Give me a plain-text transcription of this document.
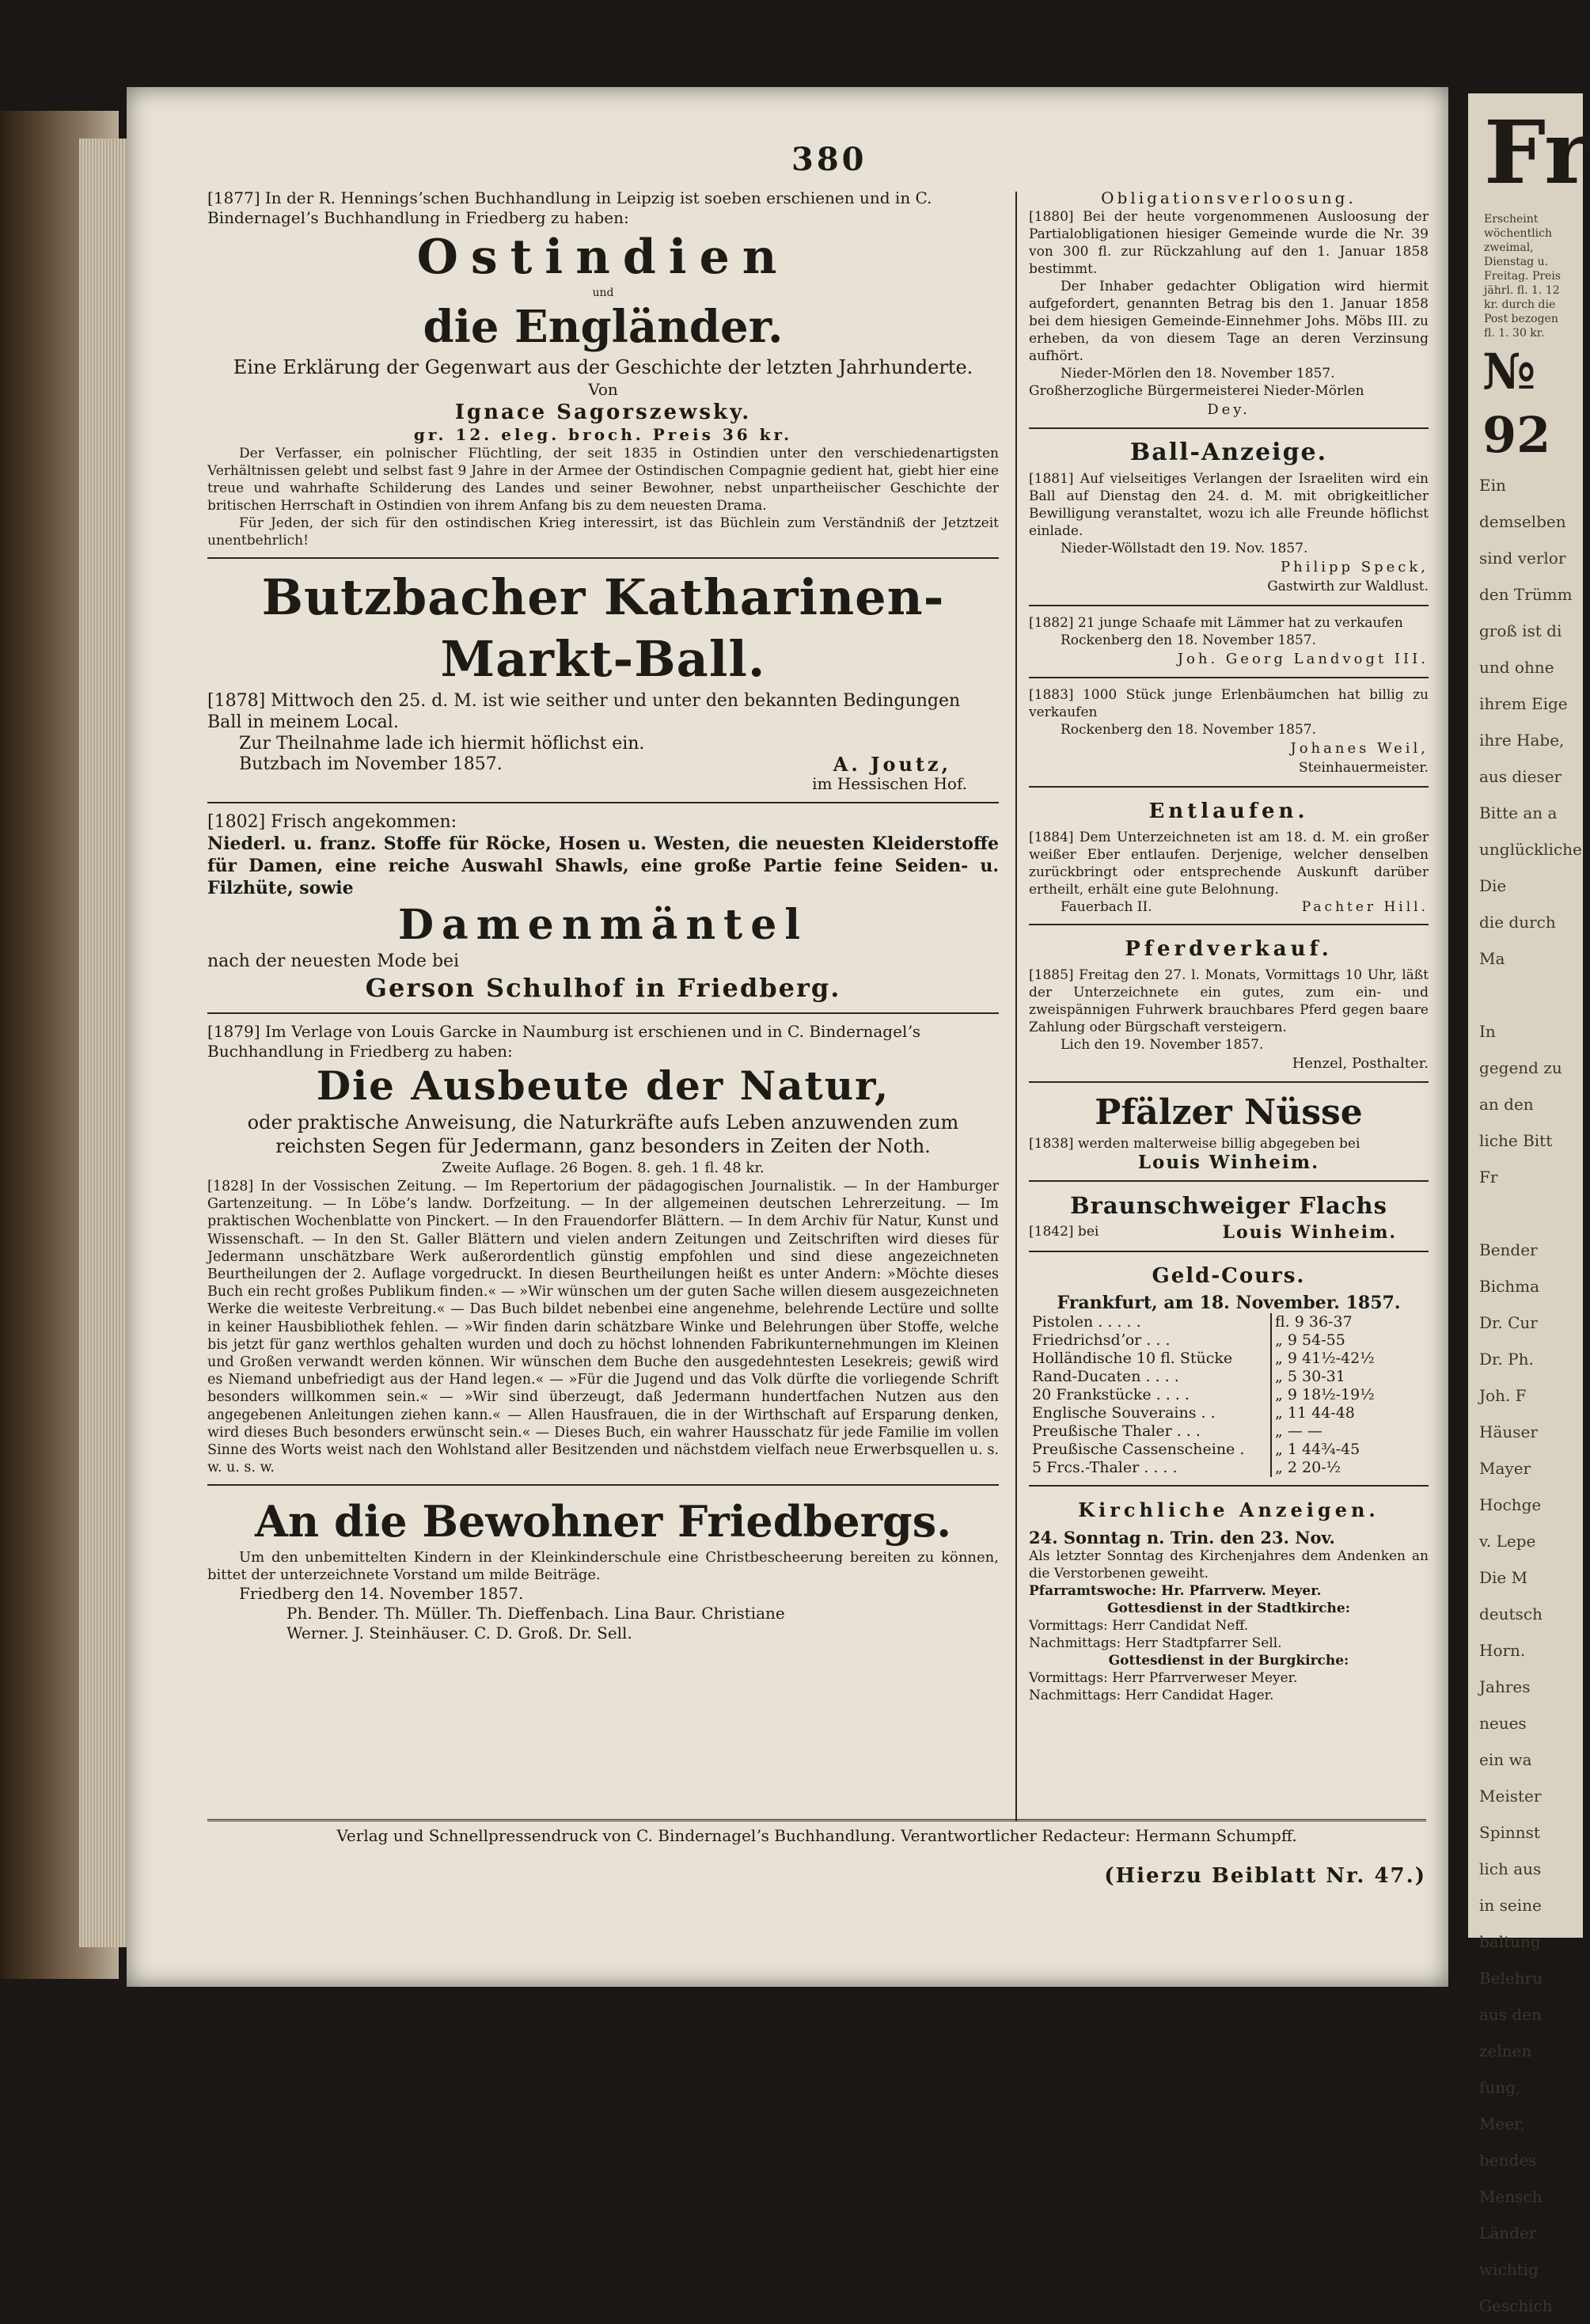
Fr
Erscheint wöchentlich zweimal, Dienstag u. Freitag. Preis jährl. fl. 1. 12 kr. durch die Post bezogen fl. 1. 30 kr.
№ 92
Ein
demselben
sind verlor
den Trümm
groß ist di
und ohne
ihrem Eige
ihre Habe,
aus dieser
Bitte an a
unglückliche
Die
die durch
Ma

In
gegend zu
an den
liche Bitt
Fr

Bender
Bichma
Dr. Cur
Dr. Ph.
Joh. F
Häuser
Mayer
Hochge
v. Lepe
Die M
deutsch
Horn.
Jahres
neues
ein wa
Meister
Spinnst
lich aus
in seine
baltung
Belehru
aus den
zelnen
fung,
Meer,
bendes
Mensch
Länder
wichtig
Geschich
380

[1877] In der R. Henningsʼschen Buchhandlung in Leipzig ist soeben erschienen und in C. Bindernagelʼs Buchhandlung in Friedberg zu haben:

Ostindien

und

die Engländer.

Eine Erklärung der Gegenwart aus der Geschichte der letzten Jahrhunderte.

Von

Ignace Sagorszewsky.

gr. 12. eleg. broch. Preis 36 kr.

Der Verfasser, ein polnischer Flüchtling, der seit 1835 in Ostindien unter den verschiedenartigsten Verhältnissen gelebt und selbst fast 9 Jahre in der Armee der Ostindischen Compagnie gedient hat, giebt hier eine treue und wahrhafte Schilderung des Landes und seiner Bewohner, nebst unpartheiischer Geschichte der britischen Herrschaft in Ostindien von ihrem Anfang bis zu dem neuesten Drama.

Für Jeden, der sich für den ostindischen Krieg interessirt, ist das Büchlein zum Verständniß der Jetztzeit unentbehrlich!

Butzbacher Katharinen-Markt-Ball.

[1878] Mittwoch den 25. d. M. ist wie seither und unter den bekannten Bedingungen Ball in meinem Local.

Zur Theilnahme lade ich hiermit höflichst ein.

Butzbach im November 1857.	A. Joutz,

im Hessischen Hof.

[1802] Frisch angekommen:

Niederl. u. franz. Stoffe für Röcke, Hosen u. Westen, die neuesten Kleiderstoffe für Damen, eine reiche Auswahl Shawls, eine große Partie feine Seiden- u. Filzhüte, sowie

Damenmäntel

nach der neuesten Mode bei

Gerson Schulhof in Friedberg.

[1879] Im Verlage von Louis Garcke in Naumburg ist erschienen und in C. Bindernagelʼs Buchhandlung in Friedberg zu haben:

Die Ausbeute der Natur,

oder praktische Anweisung, die Naturkräfte aufs Leben anzuwenden zum reichsten Segen für Jedermann, ganz besonders in Zeiten der Noth.

Zweite Auflage. 26 Bogen. 8. geh. 1 fl. 48 kr.

[1828] In der Vossischen Zeitung. — Im Repertorium der pädagogischen Journalistik. — In der Hamburger Gartenzeitung. — In Löbeʼs landw. Dorfzeitung. — In der allgemeinen deutschen Lehrerzeitung. — Im praktischen Wochenblatte von Pinckert. — In den Frauendorfer Blättern. — In dem Archiv für Natur, Kunst und Wissenschaft. — In den St. Galler Blättern und vielen andern Zeitungen und Zeitschriften wird dieses für Jedermann unschätzbare Werk außerordentlich günstig empfohlen und sind diese angezeichneten Beurtheilungen der 2. Auflage vorgedruckt. In diesen Beurtheilungen heißt es unter Andern: »Möchte dieses Buch ein recht großes Publikum finden.« — »Wir wünschen um der guten Sache willen diesem ausgezeichneten Werke die weiteste Verbreitung.« — Das Buch bildet nebenbei eine angenehme, belehrende Lectüre und sollte in keiner Hausbibliothek fehlen. — »Wir finden darin schätzbare Winke und Belehrungen über Stoffe, welche bis jetzt für ganz werthlos gehalten wurden und doch zu höchst lohnenden Fabrikunternehmungen im Kleinen und Großen verwandt werden können. Wir wünschen dem Buche den ausgedehntesten Lesekreis; gewiß wird es Niemand unbefriedigt aus der Hand legen.« — »Für die Jugend und das Volk dürfte die vorliegende Schrift besonders willkommen sein.« — »Wir sind überzeugt, daß Jedermann hundertfachen Nutzen aus den angegebenen Anleitungen ziehen kann.« — Allen Hausfrauen, die in der Wirthschaft auf Ersparung denken, wird dieses Buch besonders erwünscht sein.« — Dieses Buch, ein wahrer Hausschatz für jede Familie im vollen Sinne des Worts weist nach den Wohlstand aller Besitzenden und nächstdem vielfach neue Erwerbsquellen u. s. w. u. s. w.

An die Bewohner Friedbergs.

Um den unbemittelten Kindern in der Kleinkinderschule eine Christbescheerung bereiten zu können, bittet der unterzeichnete Vorstand um milde Beiträge.

Friedberg den 14. November 1857.

Ph. Bender. Th. Müller. Th. Dieffenbach. Lina Baur. Christiane

Werner. J. Steinhäuser. C. D. Groß. Dr. Sell.

Obligationsverloosung.

[1880] Bei der heute vorgenommenen Ausloosung der Partialobligationen hiesiger Gemeinde wurde die Nr. 39 von 300 fl. zur Rückzahlung auf den 1. Januar 1858 bestimmt.

Der Inhaber gedachter Obligation wird hiermit aufgefordert, genannten Betrag bis den 1. Januar 1858 bei dem hiesigen Gemeinde-Einnehmer Johs. Möbs III. zu erheben, da von diesem Tage an deren Verzinsung aufhört.

Nieder-Mörlen den 18. November 1857.

Großherzogliche Bürgermeisterei Nieder-Mörlen

Dey.

Ball-Anzeige.

[1881] Auf vielseitiges Verlangen der Israeliten wird ein Ball auf Dienstag den 24. d. M. mit obrigkeitlicher Bewilligung veranstaltet, wozu ich alle Freunde höflichst einlade.

Nieder-Wöllstadt den 19. Nov. 1857.

Philipp Speck,

Gastwirth zur Waldlust.

[1882] 21 junge Schaafe mit Lämmer hat zu verkaufen

Rockenberg den 18. November 1857.

Joh. Georg Landvogt III.

[1883] 1000 Stück junge Erlenbäumchen hat billig zu verkaufen

Rockenberg den 18. November 1857.

Johanes Weil,

Steinhauermeister.

Entlaufen.

[1884] Dem Unterzeichneten ist am 18. d. M. ein großer weißer Eber entlaufen. Derjenige, welcher denselben zurückbringt oder entsprechende Auskunft darüber ertheilt, erhält eine gute Belohnung.

Fauerbach II.	Pachter Hill.

Pferdverkauf.

[1885] Freitag den 27. l. Monats, Vormittags 10 Uhr, läßt der Unterzeichnete ein gutes, zum ein- und zweispännigen Fuhrwerk brauchbares Pferd gegen baare Zahlung oder Bürgschaft versteigern.

Lich den 19. November 1857.

Henzel, Posthalter.

Pfälzer Nüsse

[1838] werden malterweise billig abgegeben bei

Louis Winheim.

Braunschweiger Flachs

[1842] bei	Louis Winheim.

Geld-Cours.

Frankfurt, am 18. November. 1857.

Pistolen . . . . .	fl. 9 36-37
Friedrichsdʼor . . .	„ 9 54-55
Holländische 10 fl. Stücke	„ 9 41½-42½
Rand-Ducaten . . . .	„ 5 30-31
20 Frankstücke . . . .	„ 9 18½-19½
Englische Souverains . .	„ 11 44-48
Preußische Thaler . . .	„ — —
Preußische Cassenscheine .	„ 1 44¾-45
5 Frcs.-Thaler . . . .	„ 2 20-½

Kirchliche Anzeigen.

24. Sonntag n. Trin. den 23. Nov.

Als letzter Sonntag des Kirchenjahres dem Andenken an die Verstorbenen geweiht.

Pfarramtswoche: Hr. Pfarrverw. Meyer.

Gottesdienst in der Stadtkirche:

Vormittags: Herr Candidat Neff.

Nachmittags: Herr Stadtpfarrer Sell.

Gottesdienst in der Burgkirche:

Vormittags: Herr Pfarrverweser Meyer.

Nachmittags: Herr Candidat Hager.

Verlag und Schnellpressendruck von C. Bindernagelʼs Buchhandlung. Verantwortlicher Redacteur: Hermann Schumpff.
(Hierzu Beiblatt Nr. 47.)
